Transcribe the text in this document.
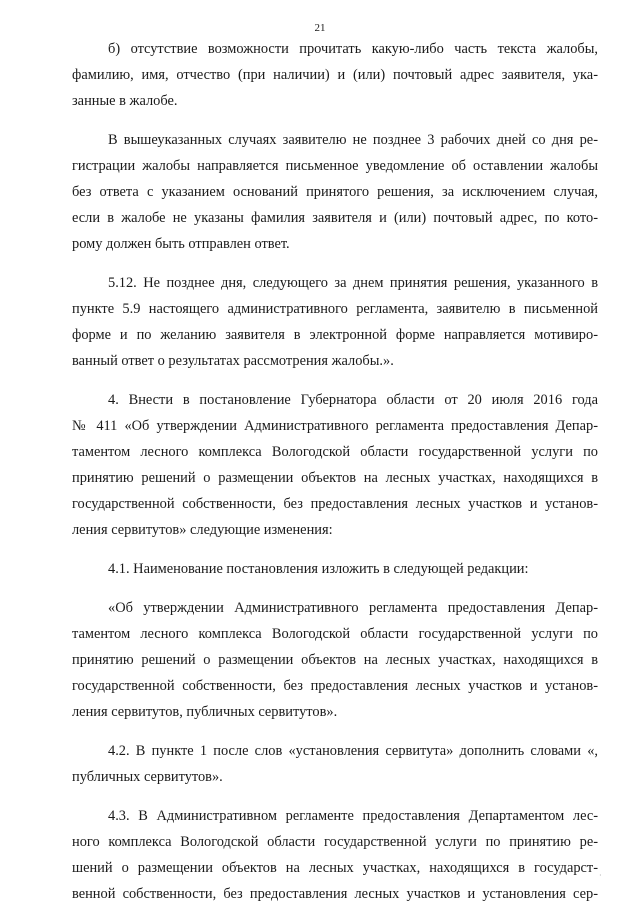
21
б) отсутствие возможности прочитать какую-либо часть текста жалобы,
фамилию, имя, отчество (при наличии) и (или) почтовый адрес заявителя, ука-
занные в жалобе.
В вышеуказанных случаях заявителю не позднее 3 рабочих дней со дня ре-
гистрации жалобы направляется письменное уведомление об оставлении жалобы
без ответа с указанием оснований принятого решения, за исключением случая,
если в жалобе не указаны фамилия заявителя и (или) почтовый адрес, по кото-
рому должен быть отправлен ответ.
5.12. Не позднее дня, следующего за днем принятия решения, указанного в
пункте 5.9 настоящего административного регламента, заявителю в письменной
форме и по желанию заявителя в электронной форме направляется мотивиро-
ванный ответ о результатах рассмотрения жалобы.».
4. Внести в постановление Губернатора области от 20 июля 2016 года
№ 411 «Об утверждении Административного регламента предоставления Депар-
таментом лесного комплекса Вологодской области государственной услуги по
принятию решений о размещении объектов на лесных участках, находящихся в
государственной собственности, без предоставления лесных участков и установ-
ления сервитутов» следующие изменения:
4.1. Наименование постановления изложить в следующей редакции:
«Об утверждении Административного регламента предоставления Депар-
таментом лесного комплекса Вологодской области государственной услуги по
принятию решений о размещении объектов на лесных участках, находящихся в
государственной собственности, без предоставления лесных участков и установ-
ления сервитутов, публичных сервитутов».
4.2. В пункте 1 после слов «установления сервитута» дополнить словами «,
публичных сервитутов».
4.3. В Административном регламенте предоставления Департаментом лес-
ного комплекса Вологодской области государственной услуги по принятию ре-
шений о размещении объектов на лесных участках, находящихся в государст-
венной собственности, без предоставления лесных участков и установления сер-
·
